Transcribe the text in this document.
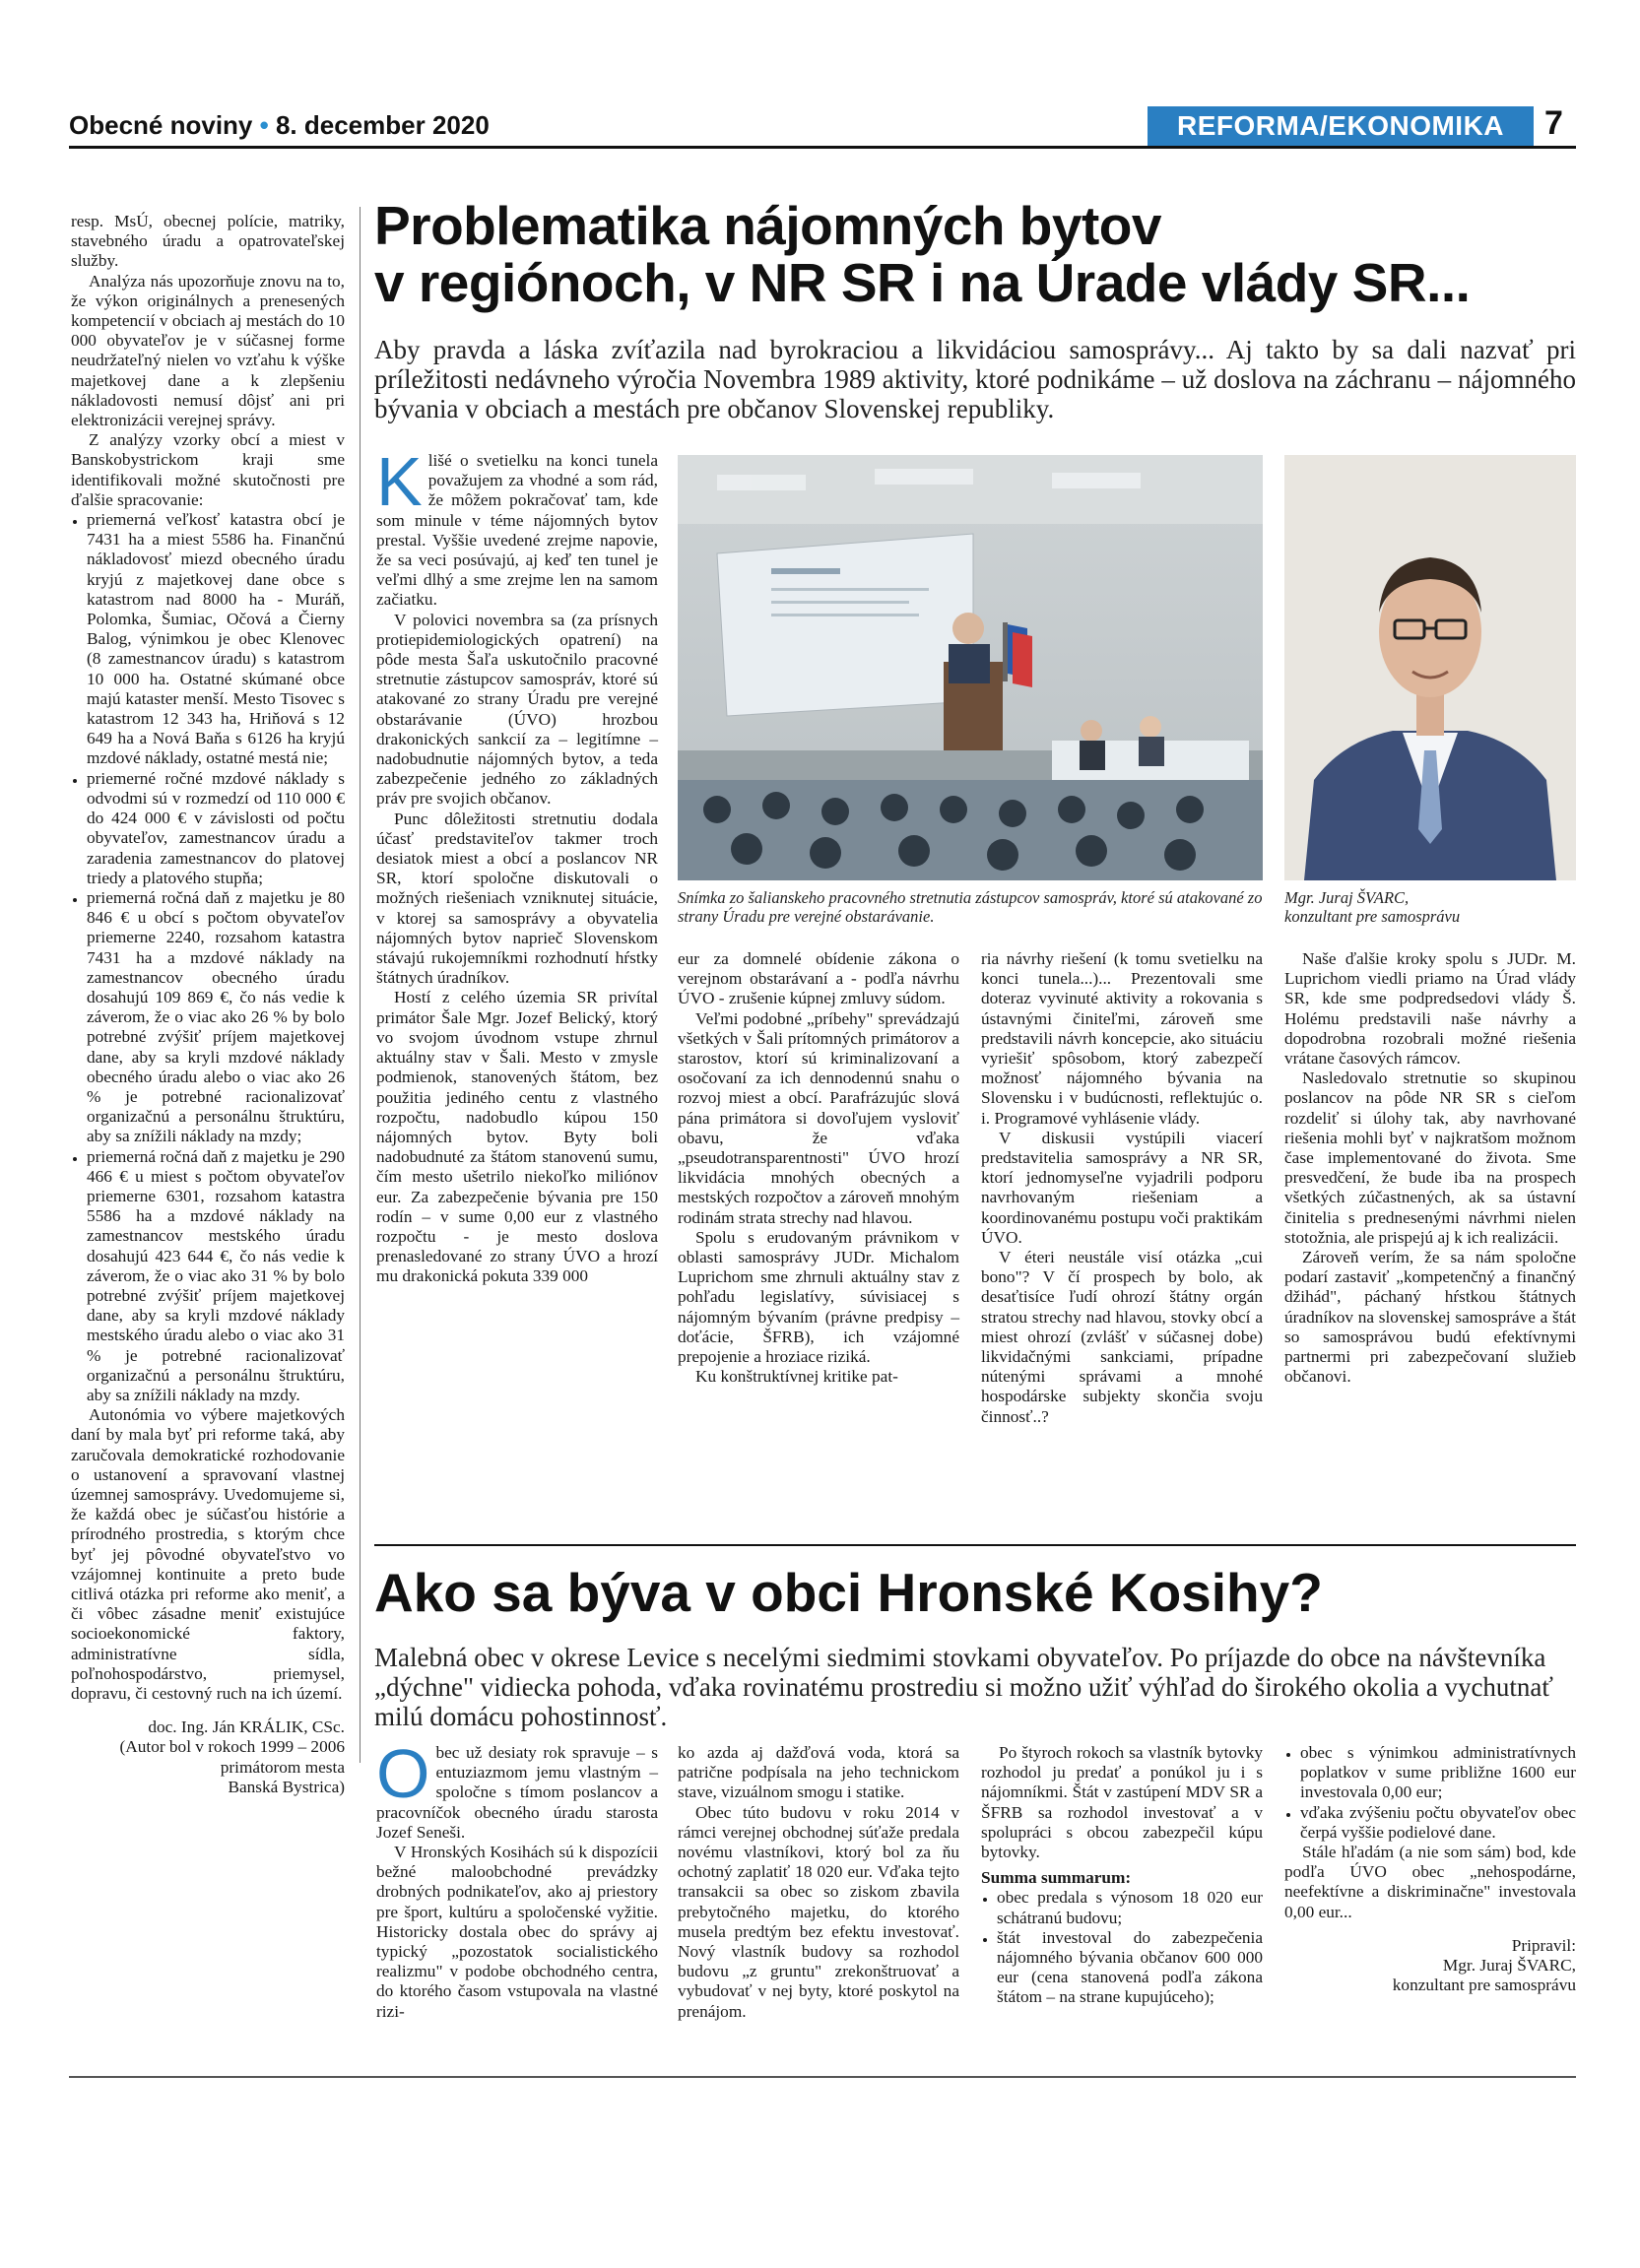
Obecné noviny • 8. december 2020	REFORMA/EKONOMIKA	7

resp. MsÚ, obecnej polície, matriky, stavebného úradu a opatrovateľskej služby.

Analýza nás upozorňuje znovu na to, že výkon originálnych a prenesených kompetencií v obciach aj mestách do 10 000 obyvateľov je v súčasnej forme neudržateľný nielen vo vzťahu k výške majetkovej dane a k zlepšeniu nákladovosti nemusí dôjsť ani pri elektronizácii verejnej správy.

Z analýzy vzorky obcí a miest v Banskobystrickom kraji sme identifikovali možné skutočnosti pre ďalšie spracovanie:

• priemerná veľkosť katastra obcí je 7431 ha a miest 5586 ha. Finančnú nákladovosť miezd obecného úradu kryjú z majetkovej dane obce s katastrom nad 8000 ha - Muráň, Polomka, Šumiac, Očová a Čierny Balog, výnimkou je obec Klenovec (8 zamestnancov úradu) s katastrom 10 000 ha. Ostatné skúmané obce majú kataster menší. Mesto Tisovec s katastrom 12 343 ha, Hriňová s 12 649 ha a Nová Baňa s 6126 ha kryjú mzdové náklady, ostatné mestá nie;
• priemerné ročné mzdové náklady s odvodmi sú v rozmedzí od 110 000 € do 424 000 € v závislosti od počtu obyvateľov, zamestnancov úradu a zaradenia zamestnancov do platovej triedy a platového stupňa;
• priemerná ročná daň z majetku je 80 846 € u obcí s počtom obyvateľov priemerne 2240, rozsahom katastra 7431 ha a mzdové náklady na zamestnancov obecného úradu dosahujú 109 869 €, čo nás vedie k záverom, že o viac ako 26 % by bolo potrebné zvýšiť príjem majetkovej dane, aby sa kryli mzdové náklady obecného úradu alebo o viac ako 26 % je potrebné racionalizovať organizačnú a personálnu štruktúru, aby sa znížili náklady na mzdy;
• priemerná ročná daň z majetku je 290 466 € u miest s počtom obyvateľov priemerne 6301, rozsahom katastra 5586 ha a mzdové náklady na zamestnancov mestského úradu dosahujú 423 644 €, čo nás vedie k záverom, že o viac ako 31 % by bolo potrebné zvýšiť príjem majetkovej dane, aby sa kryli mzdové náklady mestského úradu alebo o viac ako 31 % je potrebné racionalizovať organizačnú a personálnu štruktúru, aby sa znížili náklady na mzdy.

Autonómia vo výbere majetkových daní by mala byť pri reforme taká, aby zaručovala demokratické rozhodovanie o ustanovení a spravovaní vlastnej územnej samosprávy. Uvedomujeme si, že každá obec je súčasťou histórie a prírodného prostredia, s ktorým chce byť jej pôvodné obyvateľstvo vo vzájomnej kontinuite a preto bude citlivá otázka pri reforme ako meniť, a či vôbec zásadne meniť existujúce socioekonomické faktory, administratívne sídla, poľnohospodárstvo, priemysel, dopravu, či cestovný ruch na ich území.

doc. Ing. Ján KRÁLIK, CSc.
(Autor bol v rokoch 1999 – 2006
primátorom mesta
Banská Bystrica)

Problematika nájomných bytov
v regiónoch, v NR SR i na Úrade vlády SR...
Aby pravda a láska zvíťazila nad byrokraciou a likvidáciou samosprávy... Aj takto by sa dali nazvať pri príležitosti nedávneho výročia Novembra 1989 aktivity, ktoré podnikáme – už doslova na záchranu – nájomného bývania v obciach a mestách pre občanov Slovenskej republiky.

Klišé o svetielku na konci tunela považujem za vhodné a som rád, že môžem pokračovať tam, kde som minule v téme nájomných bytov prestal. Vyššie uvedené zrejme napovie, že sa veci posúvajú, aj keď ten tunel je veľmi dlhý a sme zrejme len na samom začiatku.

V polovici novembra sa (za prísnych protiepidemiologických opatrení) na pôde mesta Šaľa uskutočnilo pracovné stretnutie zástupcov samospráv, ktoré sú atakované zo strany Úradu pre verejné obstarávanie (ÚVO) hrozbou drakonických sankcií za – legitímne – nadobudnutie nájomných bytov, a teda zabezpečenie jedného zo základných práv pre svojich občanov.

Punc dôležitosti stretnutiu dodala účasť predstaviteľov takmer troch desiatok miest a obcí a poslancov NR SR, ktorí spoločne diskutovali o možných riešeniach vzniknutej situácie, v ktorej sa samosprávy a obyvatelia nájomných bytov naprieč Slovenskom stávajú rukojemníkmi rozhodnutí hŕstky štátnych úradníkov.

Hostí z celého územia SR privítal primátor Šale Mgr. Jozef Belický, ktorý vo svojom úvodnom vstupe zhrnul aktuálny stav v Šali. Mesto v zmysle podmienok, stanovených štátom, bez použitia jediného centu z vlastného rozpočtu, nadobudlo kúpou 150 nájomných bytov. Byty boli nadobudnuté za štátom stanovenú sumu, čím mesto ušetrilo niekoľko miliónov eur. Za zabezpečenie bývania pre 150 rodín – v sume 0,00 eur z vlastného rozpočtu - je mesto doslova prenasledované zo strany ÚVO a hrozí mu drakonická pokuta 339 000

Snímka zo šalianskeho pracovného stretnutia zástupcov samospráv, ktoré sú atakované zo strany Úradu pre verejné obstarávanie.
Mgr. Juraj ŠVARC,
konzultant pre samosprávu

eur za domnelé obídenie zákona o verejnom obstarávaní a - podľa návrhu ÚVO - zrušenie kúpnej zmluvy súdom.

Veľmi podobné „príbehy" sprevádzajú všetkých v Šali prítomných primátorov a starostov, ktorí sú kriminalizovaní a osočovaní za ich dennodennú snahu o rozvoj miest a obcí. Parafrázujúc slová pána primátora si dovoľujem vysloviť obavu, že vďaka „pseudotransparentnosti" ÚVO hrozí likvidácia mnohých obecných a mestských rozpočtov a zároveň mnohým rodinám strata strechy nad hlavou.

Spolu s erudovaným právnikom v oblasti samosprávy JUDr. Michalom Luprichom sme zhrnuli aktuálny stav z pohľadu legislatívy, súvisiacej s nájomným bývaním (právne predpisy – doťácie, ŠFRB), ich vzájomné prepojenie a hroziace riziká.

Ku konštruktívnej kritike pat-

ria návrhy riešení (k tomu svetielku na konci tunela...)... Prezentovali sme doteraz vyvinuté aktivity a rokovania s ústavnými činiteľmi, zároveň sme predstavili návrh koncepcie, ako situáciu vyriešiť spôsobom, ktorý zabezpečí možnosť nájomného bývania na Slovensku i v budúcnosti, reflektujúc o. i. Programové vyhlásenie vlády.

V diskusii vystúpili viacerí predstavitelia samosprávy a NR SR, ktorí jednomyseľne vyjadrili podporu navrhovaným riešeniam a koordinovanému postupu voči praktikám ÚVO.

V éteri neustále visí otázka „cui bono"? V čí prospech by bolo, ak desaťtisíce ľudí ohrozí štátny orgán stratou strechy nad hlavou, stovky obcí a miest ohrozí (zvlášť v súčasnej dobe) likvidačnými sankciami, prípadne nútenými správami a mnohé hospodárske subjekty skončia svoju činnosť..?

Naše ďalšie kroky spolu s JUDr. M. Luprichom viedli priamo na Úrad vlády SR, kde sme podpredsedovi vlády Š. Holému predstavili naše návrhy a dopodrobna rozobrali možné riešenia vrátane časových rámcov.

Nasledovalo stretnutie so skupinou poslancov na pôde NR SR s cieľom rozdeliť si úlohy tak, aby navrhované riešenia mohli byť v najkratšom možnom čase implementované do života. Sme presvedčení, že bude iba na prospech všetkých zúčastnených, ak sa ústavní činitelia s prednesenými návrhmi nielen stotožnia, ale prispejú aj k ich realizácii.

Zároveň verím, že sa nám spoločne podarí zastaviť „kompetenčný a finančný džihád", páchaný hŕstkou štátnych úradníkov na slovenskej samospráve a štát so samosprávou budú efektívnymi partnermi pri zabezpečovaní služieb občanovi.

Ako sa býva v obci Hronské Kosihy?
Malebná obec v okrese Levice s necelými siedmimi stovkami obyvateľov. Po príjazde do obce na návštevníka „dýchne" vidiecka pohoda, vďaka rovinatému prostrediu si možno užiť výhľad do širokého okolia a vychutnať milú domácu pohostinnosť.

Obec už desiaty rok spravuje – s entuziazmom jemu vlastným – spoločne s tímom poslancov a pracovníčok obecného úradu starosta Jozef Seneši.

V Hronských Kosihách sú k dispozícii bežné maloobchodné prevádzky drobných podnikateľov, ako aj priestory pre šport, kultúru a spoločenské vyžitie. Historicky dostala obec do správy aj typický „pozostatok socialistického realizmu" v podobe obchodného centra, do ktorého časom vstupovala na vlastné rizi-

ko azda aj dažďová voda, ktorá sa patrične podpísala na jeho technickom stave, vizuálnom smogu i statike.

Obec túto budovu v roku 2014 v rámci verejnej obchodnej súťaže predala novému vlastníkovi, ktorý bol za ňu ochotný zaplatiť 18 020 eur. Vďaka tejto transakcii sa obec so ziskom zbavila prebytočného majetku, do ktorého musela predtým bez efektu investovať. Nový vlastník budovy sa rozhodol budovu „z gruntu" zrekonštruovať a vybudovať v nej byty, ktoré poskytol na prenájom.

Po štyroch rokoch sa vlastník bytovky rozhodol ju predať a ponúkol ju i s nájomníkmi. Štát v zastúpení MDV SR a ŠFRB sa rozhodol investovať a v spolupráci s obcou zabezpečil kúpu bytovky.

Summa summarum:

• obec predala s výnosom 18 020 eur schátranú budovu;
• štát investoval do zabezpečenia nájomného bývania občanov 600 000 eur (cena stanovená podľa zákona štátom – na strane kupujúceho);
• obec s výnimkou administratívnych poplatkov v sume približne 1600 eur investovala 0,00 eur;
• vďaka zvýšeniu počtu obyvateľov obec čerpá vyššie podielové dane.

Stále hľadám (a nie som sám) bod, kde podľa ÚVO obec „nehospodárne, neefektívne a diskriminačne" investovala 0,00 eur...

Pripravil:
Mgr. Juraj ŠVARC,
konzultant pre samosprávu
